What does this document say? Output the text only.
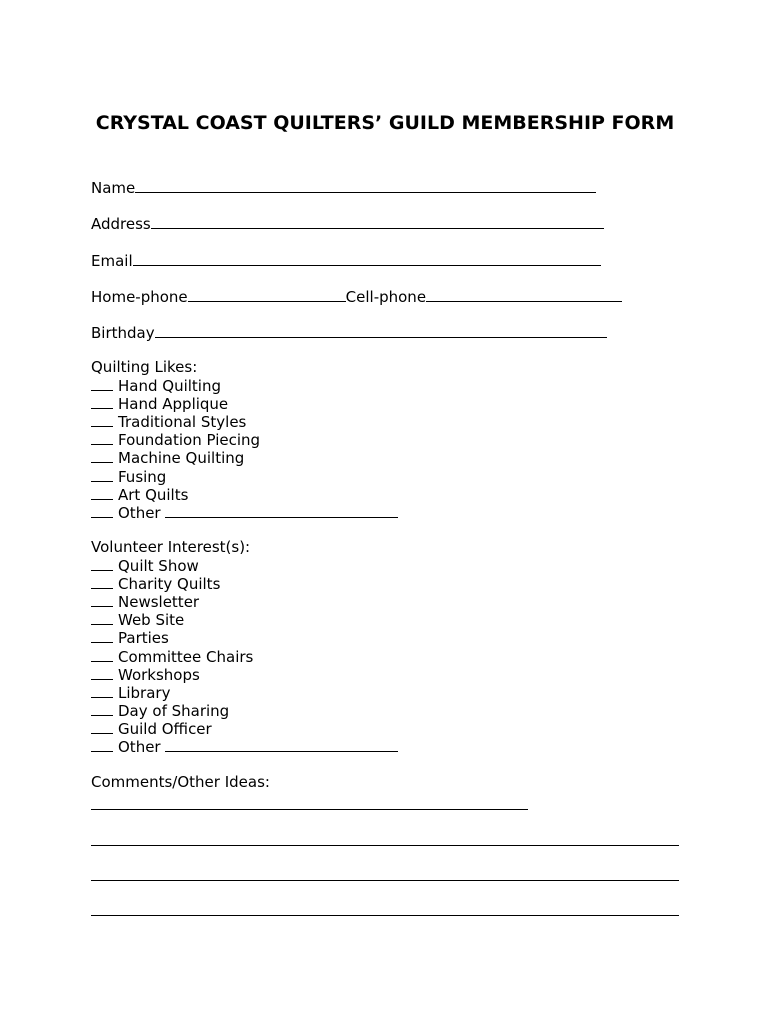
CRYSTAL COAST QUILTERS’ GUILD MEMBERSHIP FORM
Name
Address
Email
Home-phone	Cell-phone
Birthday
Quilting Likes:
Hand Quilting
Hand Applique
Traditional Styles
Foundation Piecing
Machine Quilting
Fusing
Art Quilts
Other
Volunteer Interest(s):
Quilt Show
Charity Quilts
Newsletter
Web Site
Parties
Committee Chairs
Workshops
Library
Day of Sharing
Guild Officer
Other
Comments/Other Ideas:
